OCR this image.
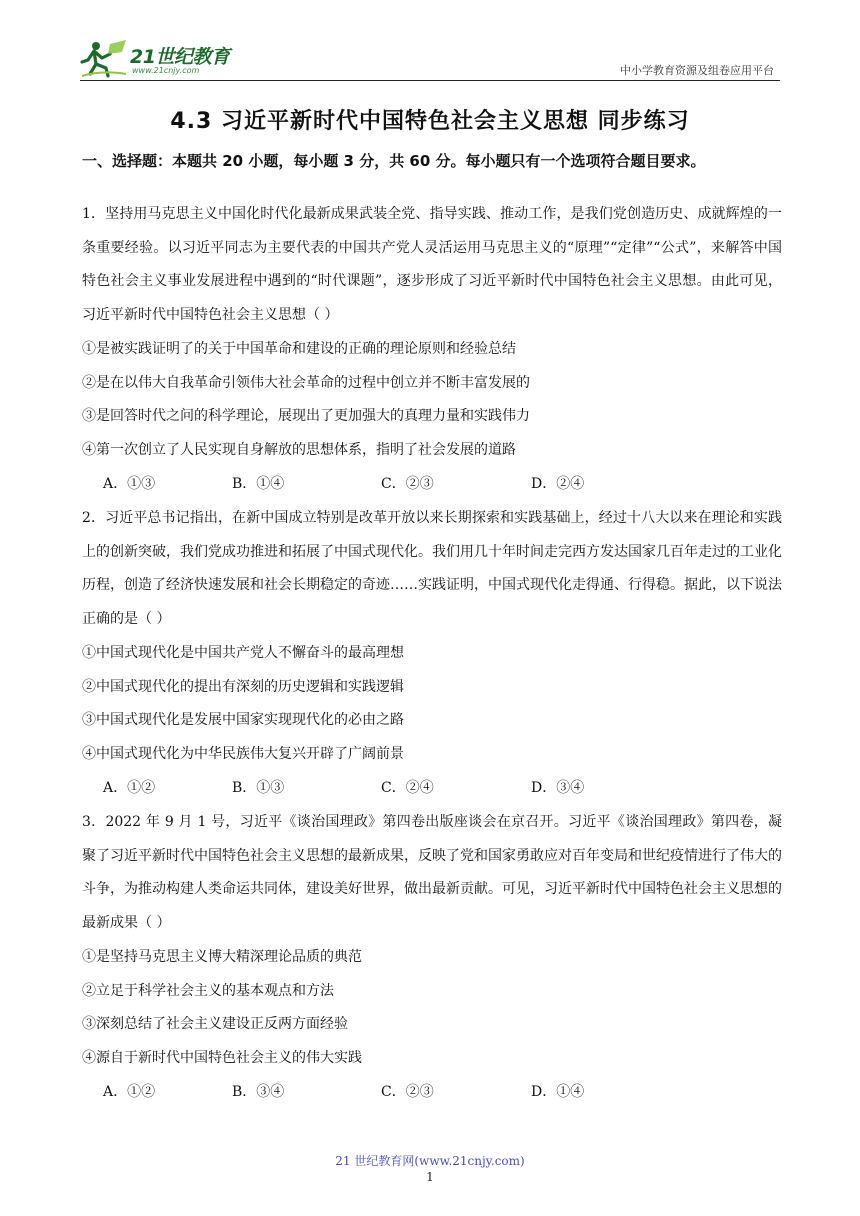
21世纪教育
www.21cnjy.com	中小学教育资源及组卷应用平台
4.3 习近平新时代中国特色社会主义思想 同步练习
一、选择题：本题共 20 小题，每小题 3 分，共 60 分。每小题只有一个选项符合题目要求。
1．坚持用马克思主义中国化时代化最新成果武装全党、指导实践、推动工作，是我们党创造历史、成就辉煌的一条重要经验。以习近平同志为主要代表的中国共产党人灵活运用马克思主义的“原理”“定律”“公式”，来解答中国特色社会主义事业发展进程中遇到的“时代课题”，逐步形成了习近平新时代中国特色社会主义思想。由此可见，习近平新时代中国特色社会主义思想（ ）
①是被实践证明了的关于中国革命和建设的正确的理论原则和经验总结
②是在以伟大自我革命引领伟大社会革命的过程中创立并不断丰富发展的
③是回答时代之问的科学理论，展现出了更加强大的真理力量和实践伟力
④第一次创立了人民实现自身解放的思想体系，指明了社会发展的道路
A．①③	B．①④	C．②③	D．②④
2．习近平总书记指出，在新中国成立特别是改革开放以来长期探索和实践基础上，经过十八大以来在理论和实践上的创新突破，我们党成功推进和拓展了中国式现代化。我们用几十年时间走完西方发达国家几百年走过的工业化历程，创造了经济快速发展和社会长期稳定的奇迹……实践证明，中国式现代化走得通、行得稳。据此，以下说法正确的是（ ）
①中国式现代化是中国共产党人不懈奋斗的最高理想
②中国式现代化的提出有深刻的历史逻辑和实践逻辑
③中国式现代化是发展中国家实现现代化的必由之路
④中国式现代化为中华民族伟大复兴开辟了广阔前景
A．①②	B．①③	C．②④	D．③④
3．2022 年 9 月 1 号，习近平《谈治国理政》第四卷出版座谈会在京召开。习近平《谈治国理政》第四卷，凝聚了习近平新时代中国特色社会主义思想的最新成果，反映了党和国家勇敢应对百年变局和世纪疫情进行了伟大的斗争，为推动构建人类命运共同体，建设美好世界，做出最新贡献。可见，习近平新时代中国特色社会主义思想的最新成果（ ）
①是坚持马克思主义博大精深理论品质的典范
②立足于科学社会主义的基本观点和方法
③深刻总结了社会主义建设正反两方面经验
④源自于新时代中国特色社会主义的伟大实践
A．①②	B．③④	C．②③	D．①④
21 世纪教育网(www.21cnjy.com)
1
